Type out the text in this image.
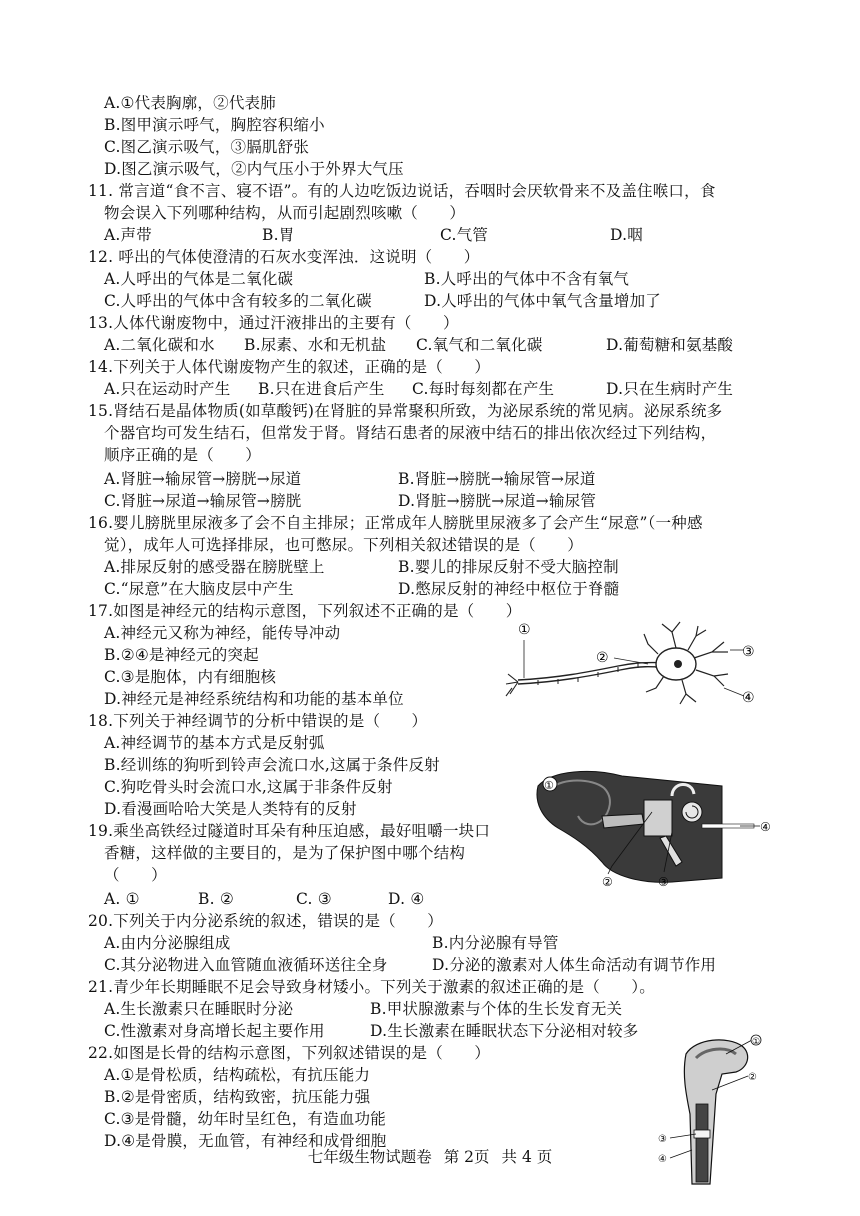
A.①代表胸廓，②代表肺
B.图甲演示呼气，胸腔容积缩小
C.图乙演示吸气，③膈肌舒张
D.图乙演示吸气，②内气压小于外界大气压
11. 常言道“食不言、寝不语”。有的人边吃饭边说话，吞咽时会厌软骨来不及盖住喉口，食
物会误入下列哪种结构，从而引起剧烈咳嗽（　　）
A.声带	B.胃	C.气管	D.咽
12. 呼出的气体使澄清的石灰水变浑浊．这说明（　　）
A.人呼出的气体是二氧化碳	B.人呼出的气体中不含有氧气
C.人呼出的气体中含有较多的二氧化碳	D.人呼出的气体中氧气含量增加了
13.人体代谢废物中，通过汗液排出的主要有（　　）
A.二氧化碳和水 B.尿素、水和无机盐 C.氧气和二氧化碳	D.葡萄糖和氨基酸
14.下列关于人体代谢废物产生的叙述，正确的是（　　）
A.只在运动时产生 B.只在进食后产生 C.每时每刻都在产生	D.只在生病时产生
15.肾结石是晶体物质(如草酸钙)在肾脏的异常聚积所致，为泌尿系统的常见病。泌尿系统多
个器官均可发生结石，但常发于肾。肾结石患者的尿液中结石的排出依次经过下列结构，
顺序正确的是（　　）
A.肾脏→输尿管→膀胱→尿道	B.肾脏→膀胱→输尿管→尿道
C.肾脏→尿道→输尿管→膀胱	D.肾脏→膀胱→尿道→输尿管
16.婴儿膀胱里尿液多了会不自主排尿；正常成年人膀胱里尿液多了会产生“尿意”（一种感
觉），成年人可选择排尿，也可憋尿。下列相关叙述错误的是（　　）
A.排尿反射的感受器在膀胱壁上	B.婴儿的排尿反射不受大脑控制
C.“尿意”在大脑皮层中产生	D.憋尿反射的神经中枢位于脊髓
17.如图是神经元的结构示意图，下列叙述不正确的是（　　）
A.神经元又称为神经，能传导冲动
B.②④是神经元的突起
C.③是胞体，内有细胞核
D.神经元是神经系统结构和功能的基本单位
①
②	③
④
18.下列关于神经调节的分析中错误的是（　　）
A.神经调节的基本方式是反射弧
B.经训练的狗听到铃声会流口水,这属于条件反射
C.狗吃骨头时会流口水,这属于非条件反射
D.看漫画哈哈大笑是人类特有的反射
19.乘坐高铁经过隧道时耳朵有种压迫感，最好咀嚼一块口
香糖，这样做的主要目的，是为了保护图中哪个结构
（　　）
A. ①	B. ②	C. ③	D. ④
①
②	③
④
20.下列关于内分泌系统的叙述，错误的是（　　）
A.由内分泌腺组成	B.内分泌腺有导管
C.其分泌物进入血管随血液循环送往全身	D.分泌的激素对人体生命活动有调节作用
21.青少年长期睡眠不足会导致身材矮小。下列关于激素的叙述正确的是（　　）。
A.生长激素只在睡眠时分泌	B.甲状腺激素与个体的生长发育无关
C.性激素对身高增长起主要作用	D.生长激素在睡眠状态下分泌相对较多
22.如图是长骨的结构示意图，下列叙述错误的是（　　）
A.①是骨松质，结构疏松，有抗压能力
B.②是骨密质，结构致密，抗压能力强
C.③是骨髓，幼年时呈红色，有造血功能
D.④是骨膜，无血管，有神经和成骨细胞
①
②
③
④
七年级生物试题卷 第 2页 共 4 页
